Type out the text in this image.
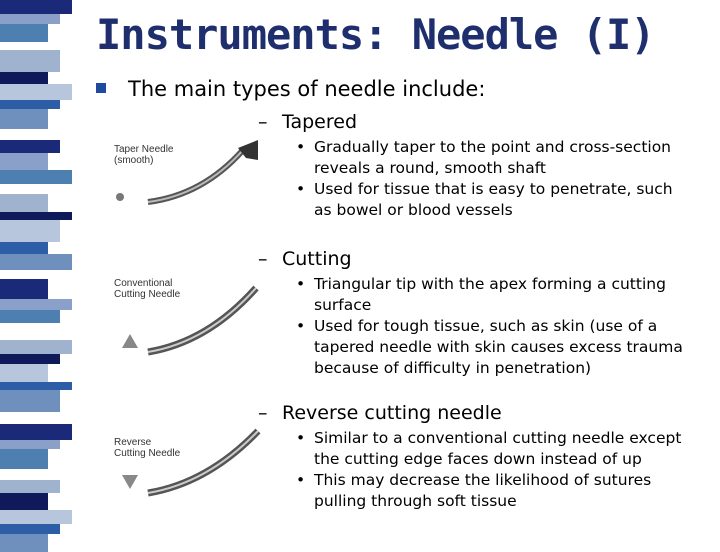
Instruments: Needle (I)
The main types of needle include:
– Tapered
• Gradually taper to the point and cross-section
reveals a round, smooth shaft
• Used for tissue that is easy to penetrate, such
as bowel or blood vessels
– Cutting
• Triangular tip with the apex forming a cutting
surface
• Used for tough tissue, such as skin (use of a
tapered needle with skin causes excess trauma
because of difficulty in penetration)
– Reverse cutting needle
• Similar to a conventional cutting needle except
the cutting edge faces down instead of up
• This may decrease the likelihood of sutures
pulling through soft tissue
Taper Needle
(smooth)
Conventional
Cutting Needle
Reverse
Cutting Needle
